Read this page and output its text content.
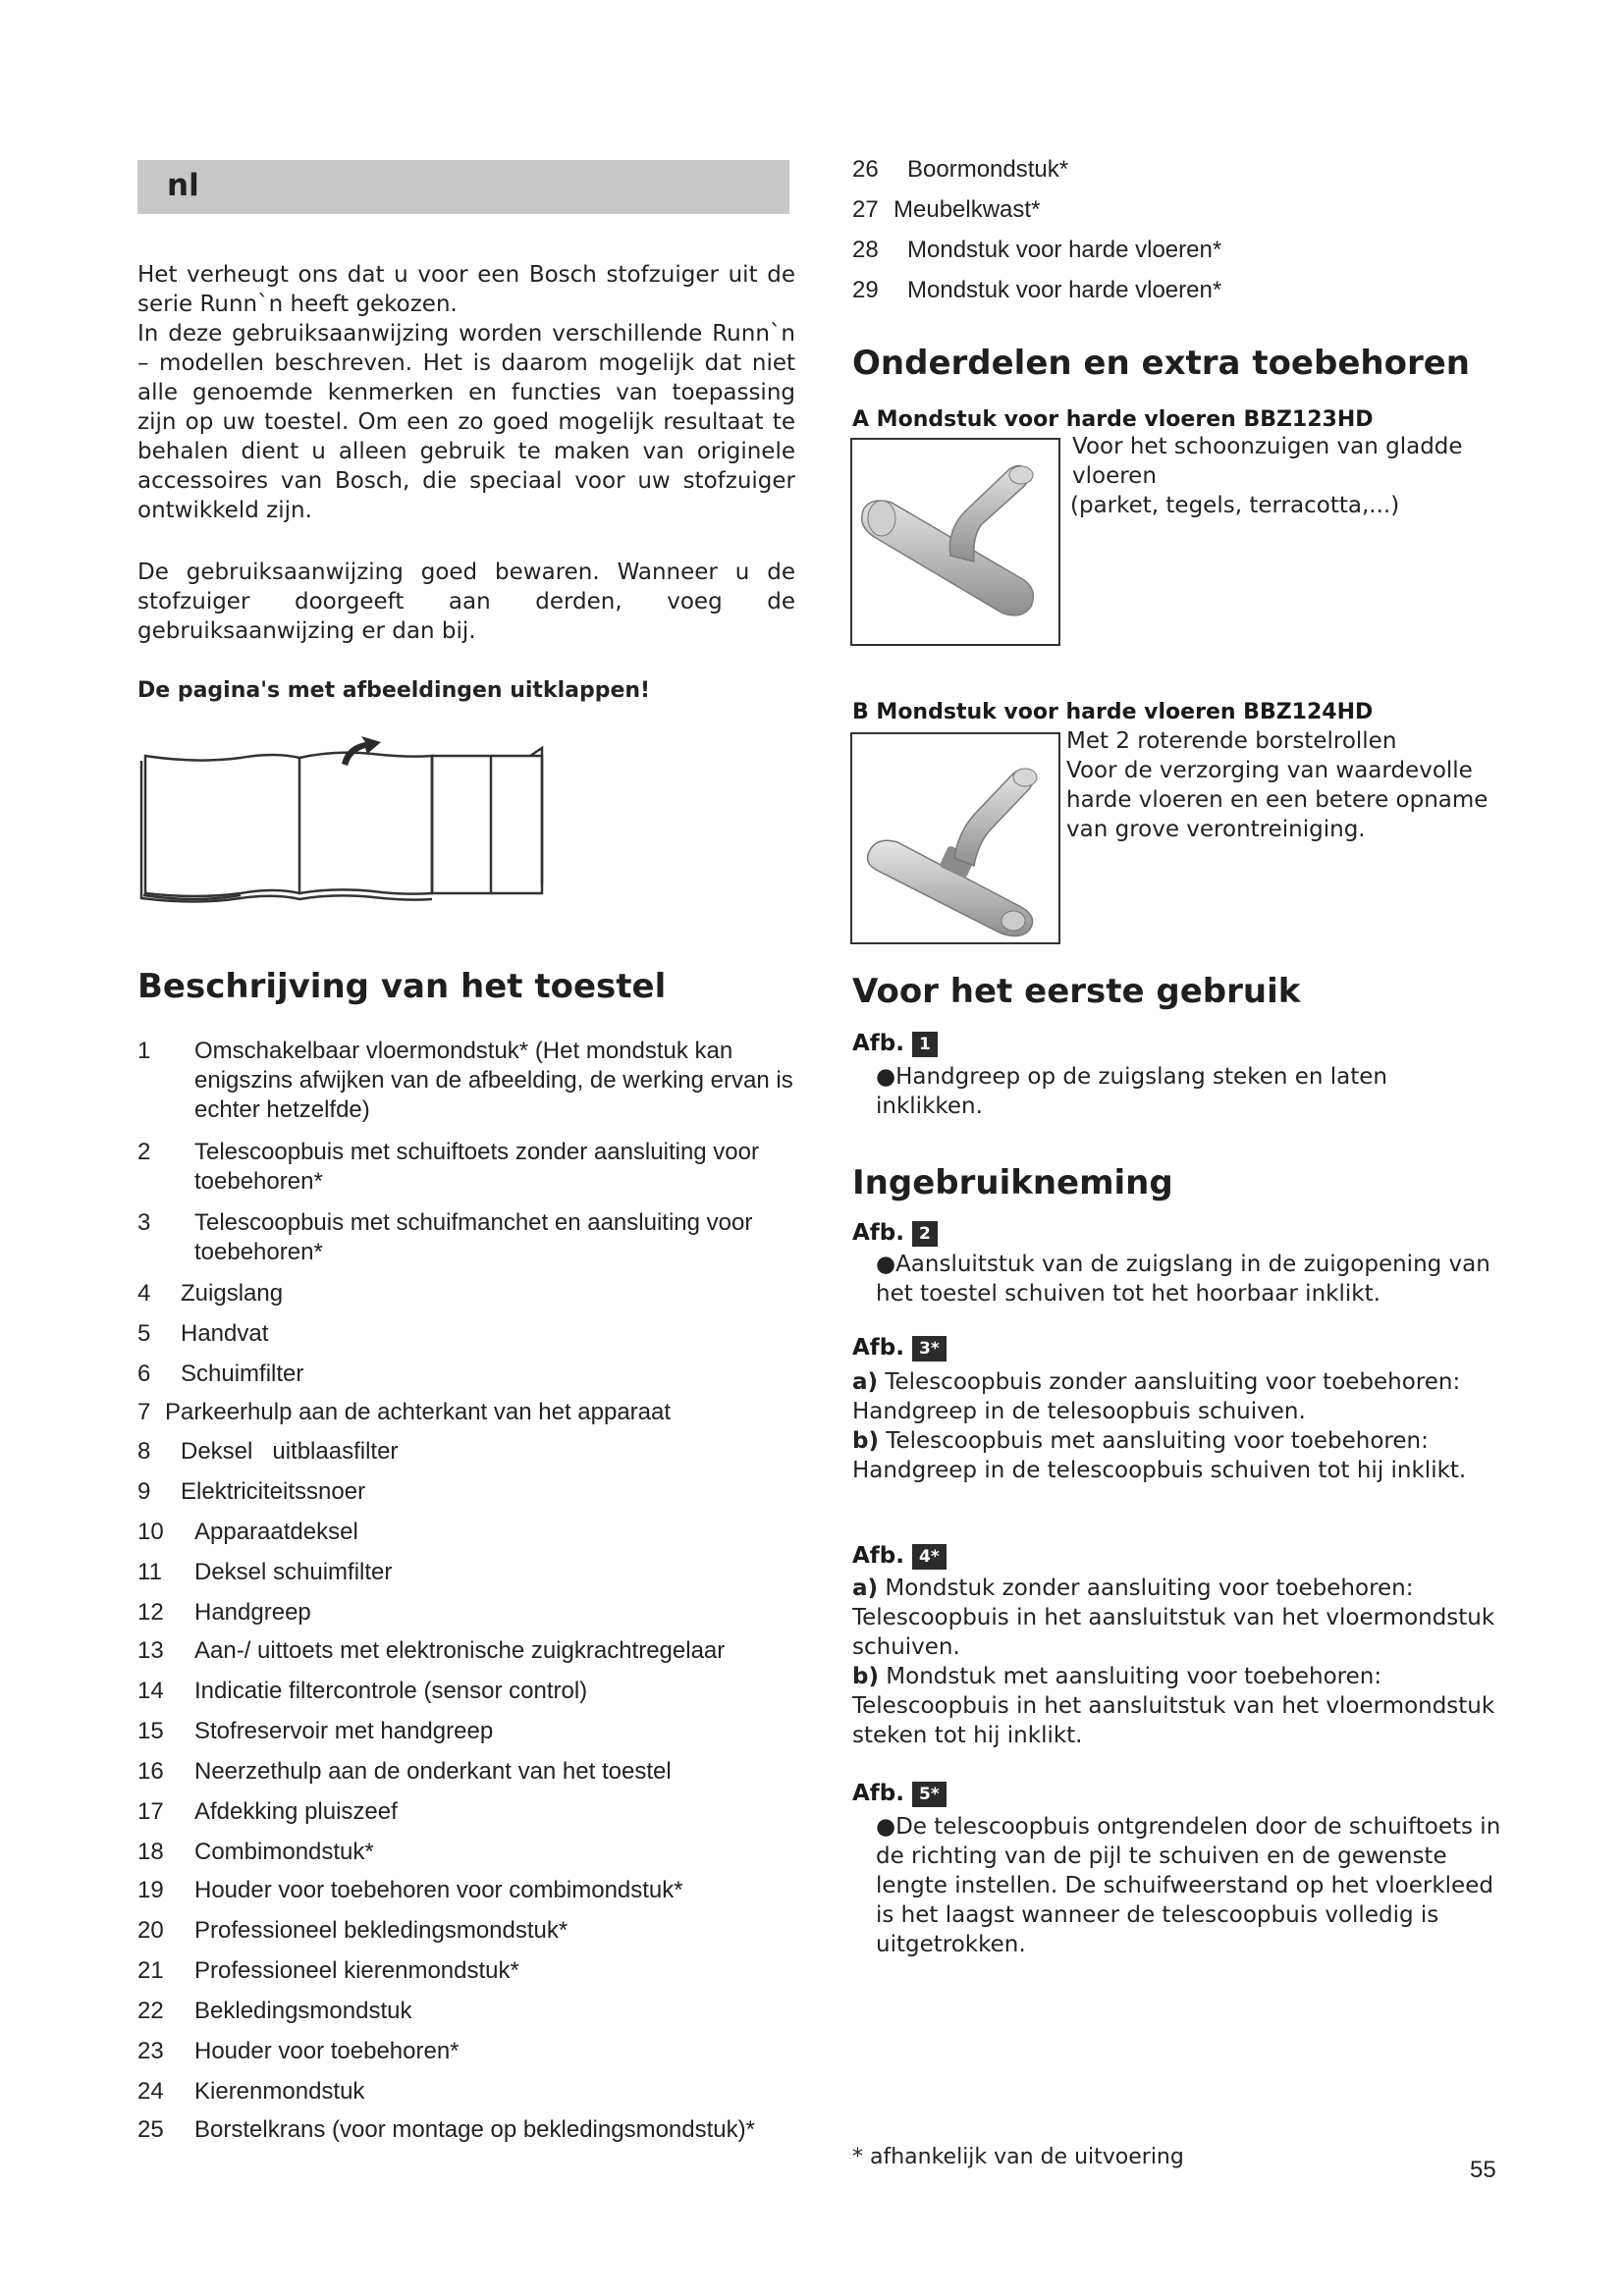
nl

Het verheugt ons dat u voor een Bosch stofzuiger uit de serie Runn`n heeft gekozen.

In deze gebruiksaanwijzing worden verschillende Runn`n – modellen beschreven. Het is daarom mogelijk dat niet alle genoemde kenmerken en functies van toepassing zijn op uw toestel. Om een zo goed mogelijk resultaat te behalen dient u alleen gebruik te maken van originele accessoires van Bosch, die speciaal voor uw stofzuiger ontwikkeld zijn.

De gebruiksaanwijzing goed bewaren. Wanneer u de stofzuiger doorgeeft aan derden, voeg de gebruiksaanwijzing er dan bij.
De pagina's met afbeeldingen uitklappen!
Beschrijving van het toestel
1	Omschakelbaar vloermondstuk* (Het mondstuk kan enigszins afwijken van de afbeelding, de werking ervan is echter hetzelfde)
2	Telescoopbuis met schuiftoets zonder aansluiting voor toebehoren*
3	Telescoopbuis met schuifmanchet en aansluiting voor toebehoren*
4 Zuigslang
5 Handvat
6 Schuimfilter
7 Parkeerhulp aan de achterkant van het apparaat
8 Deksel   uitblaasfilter
9 Elektriciteitssnoer
10 Apparaatdeksel
11 Deksel schuimfilter
12 Handgreep
13 Aan-/ uittoets met elektronische zuigkrachtregelaar
14 Indicatie filtercontrole (sensor control)
15 Stofreservoir met handgreep
16 Neerzethulp aan de onderkant van het toestel
17 Afdekking pluiszeef
18 Combimondstuk*
19 Houder voor toebehoren voor combimondstuk*
20 Professioneel bekledingsmondstuk*
21 Professioneel kierenmondstuk*
22 Bekledingsmondstuk
23 Houder voor toebehoren*
24 Kierenmondstuk
25 Borstelkrans (voor montage op bekledingsmondstuk)*
26 Boormondstuk*
27 Meubelkwast*
28 Mondstuk voor harde vloeren*
29 Mondstuk voor harde vloeren*
Onderdelen en extra toebehoren
A Mondstuk voor harde vloeren BBZ123HD
Voor het schoonzuigen van gladde
vloeren
(parket, tegels, terracotta,...)
B Mondstuk voor harde vloeren BBZ124HD
Met 2 roterende borstelrollen
Voor de verzorging van waardevolle
harde vloeren en een betere opname
van grove verontreiniging.
Voor het eerste gebruik
Afb. 1
●Handgreep op de zuigslang steken en laten inklikken.
Ingebruikneming
Afb. 2
●Aansluitstuk van de zuigslang in de zuigopening van het toestel schuiven tot het hoorbaar inklikt.
Afb. 3*
a) Telescoopbuis zonder aansluiting voor toebehoren: Handgreep in de telesoopbuis schuiven.
b) Telescoopbuis met aansluiting voor toebehoren: Handgreep in de telescoopbuis schuiven tot hij inklikt.
Afb. 4*
a) Mondstuk zonder aansluiting voor toebehoren: Telescoopbuis in het aansluitstuk van het vloermondstuk schuiven.
b) Mondstuk met aansluiting voor toebehoren: Telescoopbuis in het aansluitstuk van het vloermondstuk steken tot hij inklikt.
Afb. 5*
●De telescoopbuis ontgrendelen door de schuiftoets in de richting van de pijl te schuiven en de gewenste lengte instellen. De schuifweerstand op het vloerkleed is het laagst wanneer de telescoopbuis volledig is uitgetrokken.
* afhankelijk van de uitvoering	55
